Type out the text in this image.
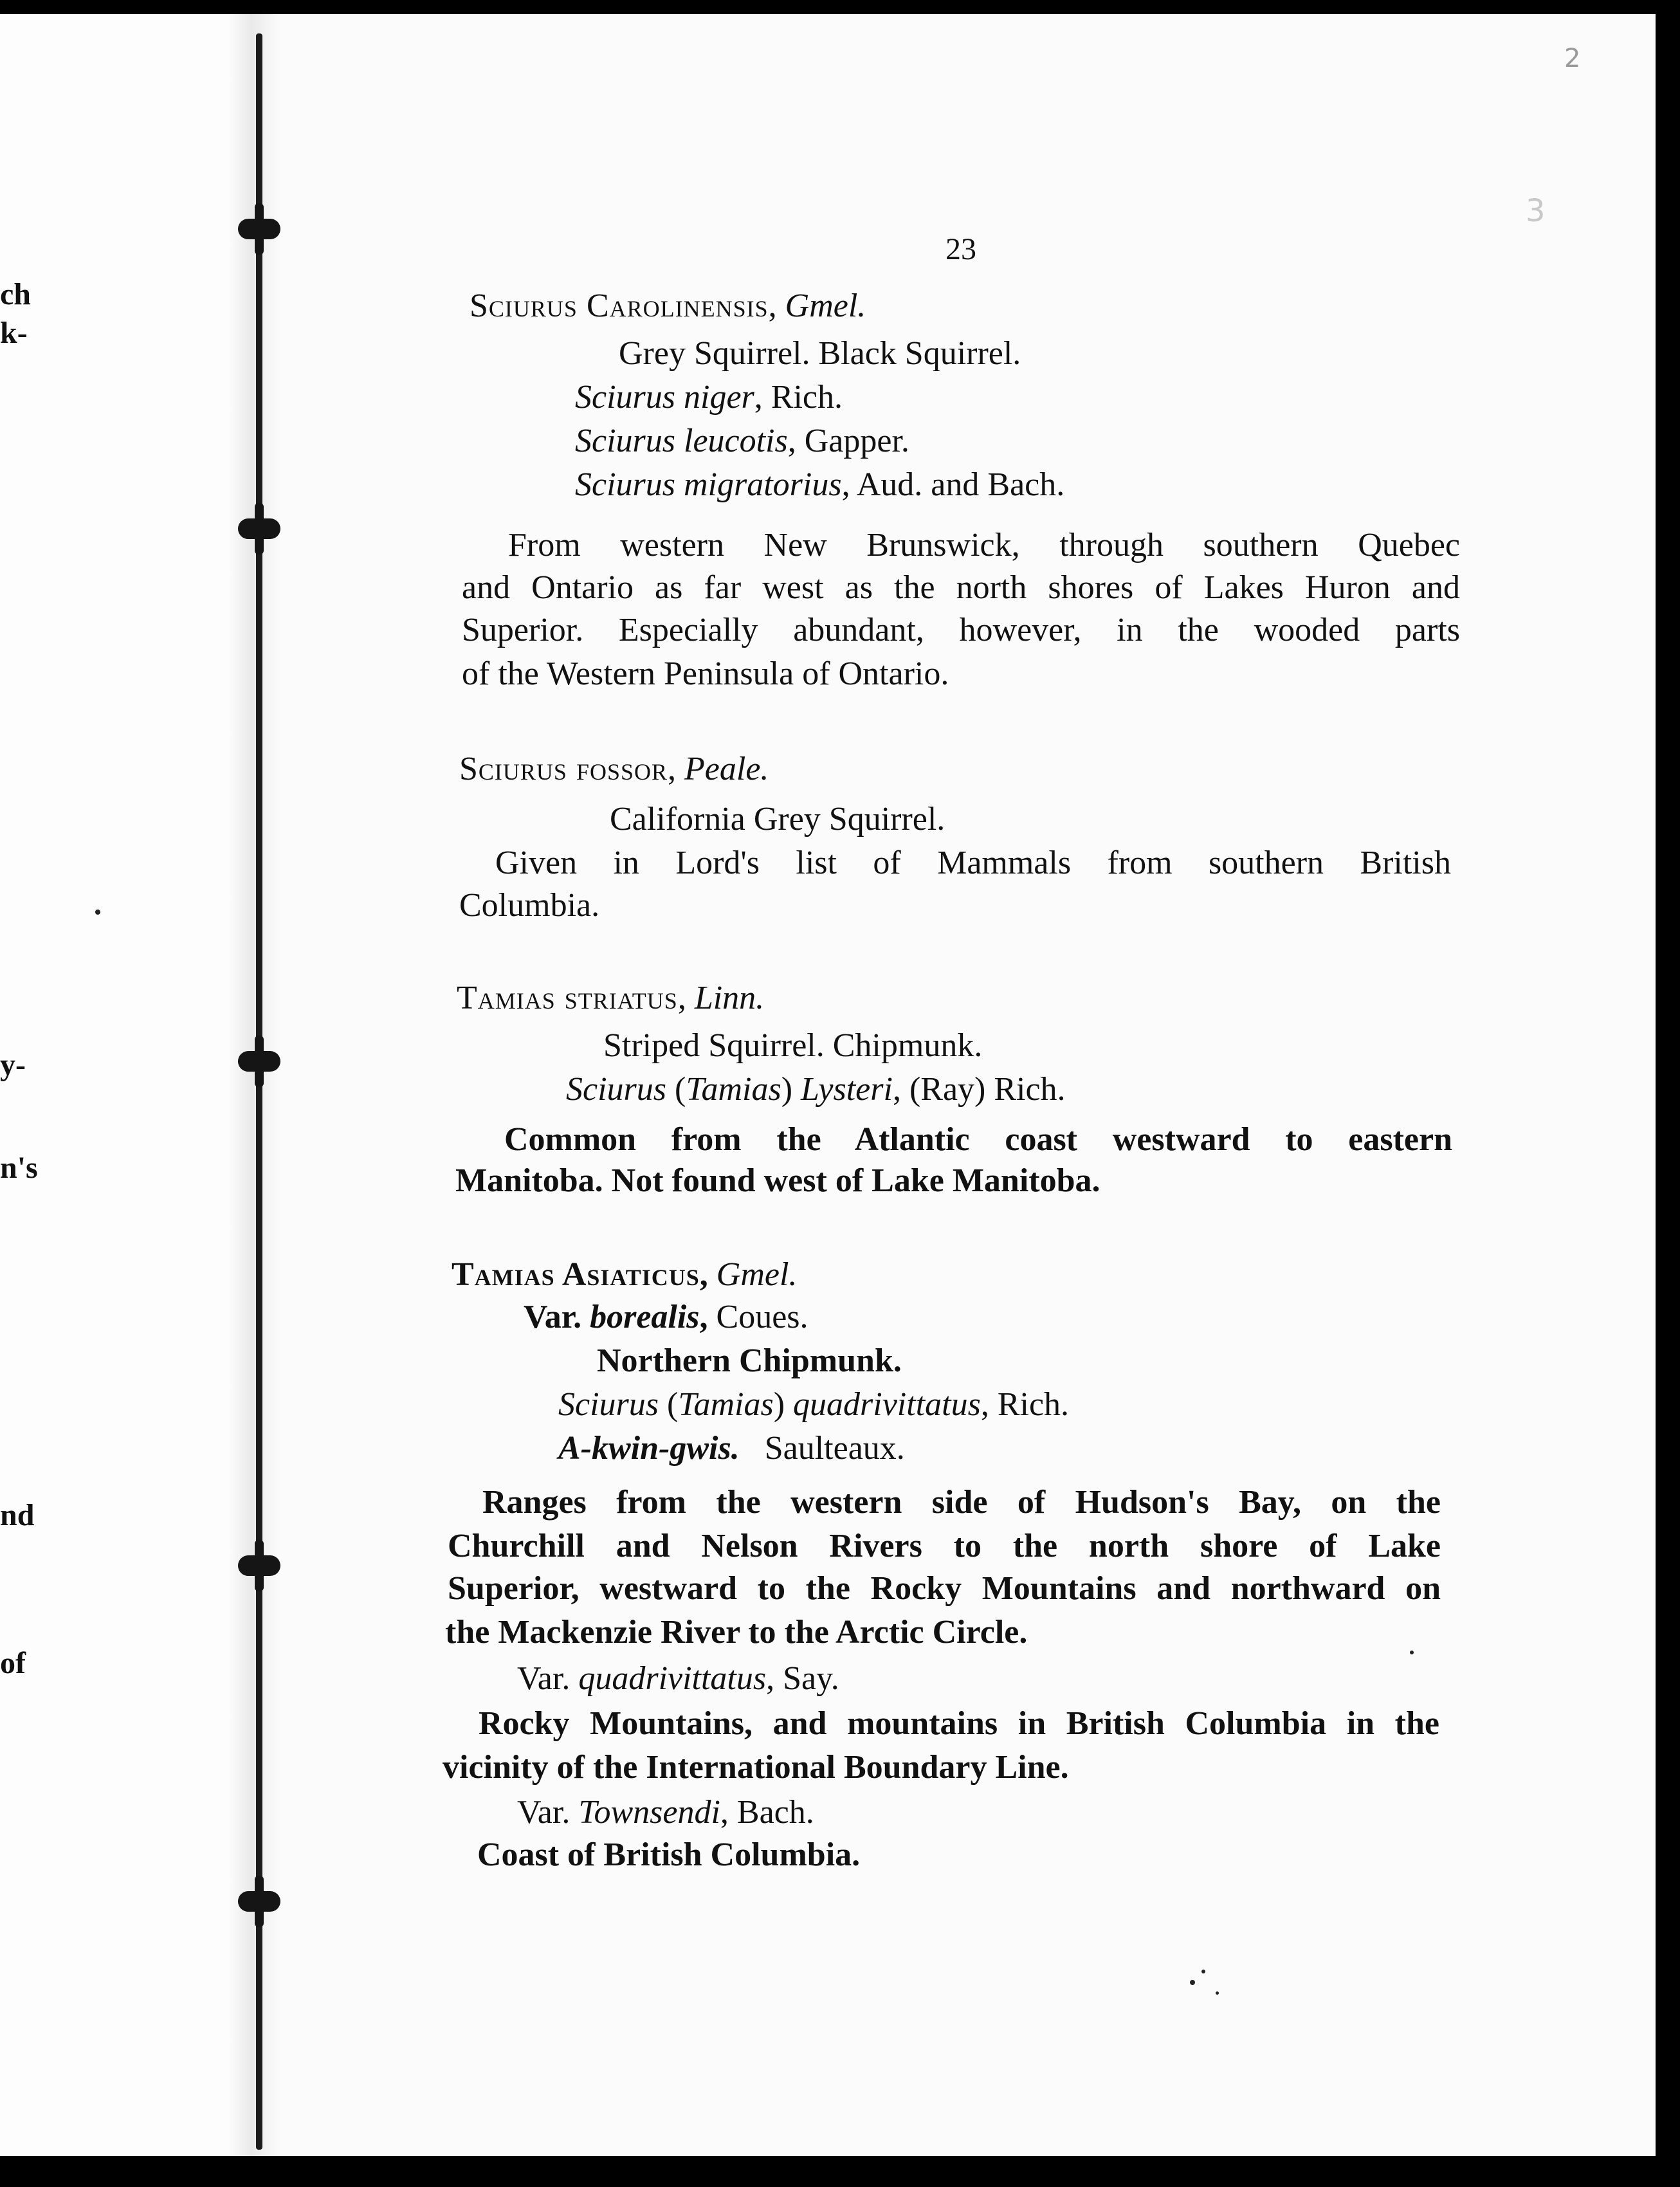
ch
k-
y-
n's
nd
of
2
3
23
Sciurus Carolinensis, Gmel.
Grey Squirrel. Black Squirrel.
Sciurus niger, Rich.
Sciurus leucotis, Gapper.
Sciurus migratorius, Aud. and Bach.
From western New Brunswick, through southern Quebec
and Ontario as far west as the north shores of Lakes Huron and
Superior. Especially abundant, however, in the wooded parts
of the Western Peninsula of Ontario.
Sciurus fossor, Peale.
California Grey Squirrel.
Given in Lord's list of Mammals from southern British
Columbia.
Tamias striatus, Linn.
Striped Squirrel. Chipmunk.
Sciurus (Tamias) Lysteri, (Ray) Rich.
Common from the Atlantic coast westward to eastern
Manitoba. Not found west of Lake Manitoba.
Tamias Asiaticus, Gmel.
Var. borealis, Coues.
Northern Chipmunk.
Sciurus (Tamias) quadrivittatus, Rich.
A-kwin-gwis. Saulteaux.
Ranges from the western side of Hudson's Bay, on the
Churchill and Nelson Rivers to the north shore of Lake
Superior, westward to the Rocky Mountains and northward on
the Mackenzie River to the Arctic Circle.
Var. quadrivittatus, Say.
Rocky Mountains, and mountains in British Columbia in the
vicinity of the International Boundary Line.
Var. Townsendi, Bach.
Coast of British Columbia.
